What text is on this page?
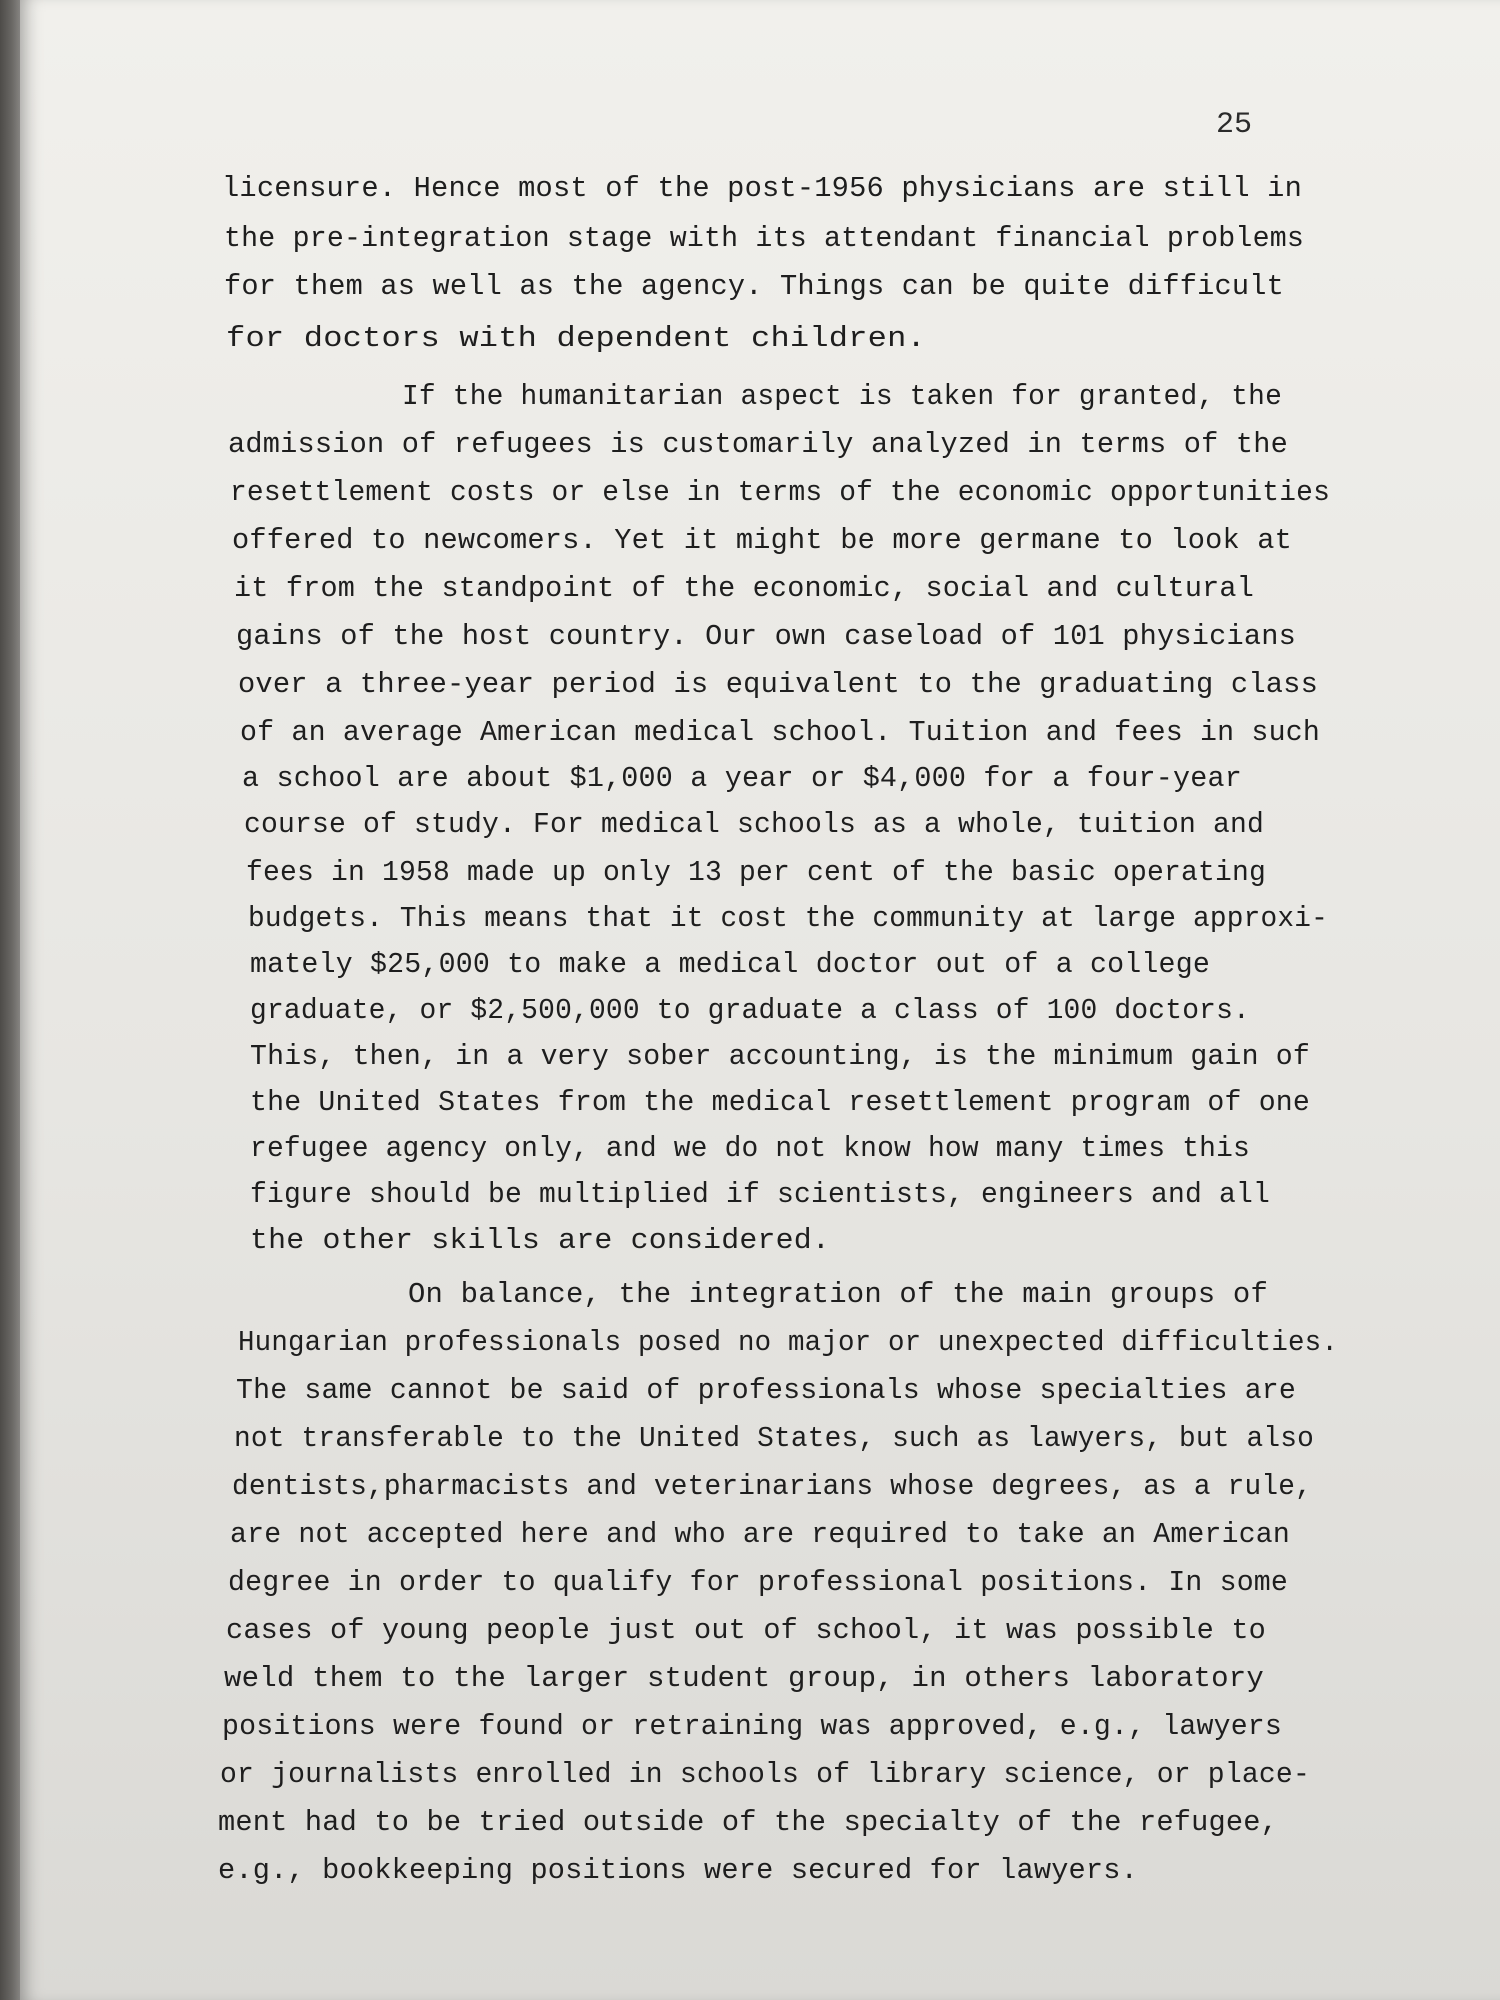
25
licensure. Hence most of the post-1956 physicians are still in
the pre-integration stage with its attendant financial problems
for them as well as the agency. Things can be quite difficult
for doctors with dependent children.
If the humanitarian aspect is taken for granted, the
admission of refugees is customarily analyzed in terms of the
resettlement costs or else in terms of the economic opportunities
offered to newcomers. Yet it might be more germane to look at
it from the standpoint of the economic, social and cultural
gains of the host country. Our own caseload of 101 physicians
over a three-year period is equivalent to the graduating class
of an average American medical school. Tuition and fees in such
a school are about $1,000 a year or $4,000 for a four-year
course of study. For medical schools as a whole, tuition and
fees in 1958 made up only 13 per cent of the basic operating
budgets. This means that it cost the community at large approxi-
mately $25,000 to make a medical doctor out of a college
graduate, or $2,500,000 to graduate a class of 100 doctors.
This, then, in a very sober accounting, is the minimum gain of
the United States from the medical resettlement program of one
refugee agency only, and we do not know how many times this
figure should be multiplied if scientists, engineers and all
the other skills are considered.
On balance, the integration of the main groups of
Hungarian professionals posed no major or unexpected difficulties.
The same cannot be said of professionals whose specialties are
not transferable to the United States, such as lawyers, but also
dentists,pharmacists and veterinarians whose degrees, as a rule,
are not accepted here and who are required to take an American
degree in order to qualify for professional positions. In some
cases of young people just out of school, it was possible to
weld them to the larger student group, in others laboratory
positions were found or retraining was approved, e.g., lawyers
or journalists enrolled in schools of library science, or place-
ment had to be tried outside of the specialty of the refugee,
e.g., bookkeeping positions were secured for lawyers.
